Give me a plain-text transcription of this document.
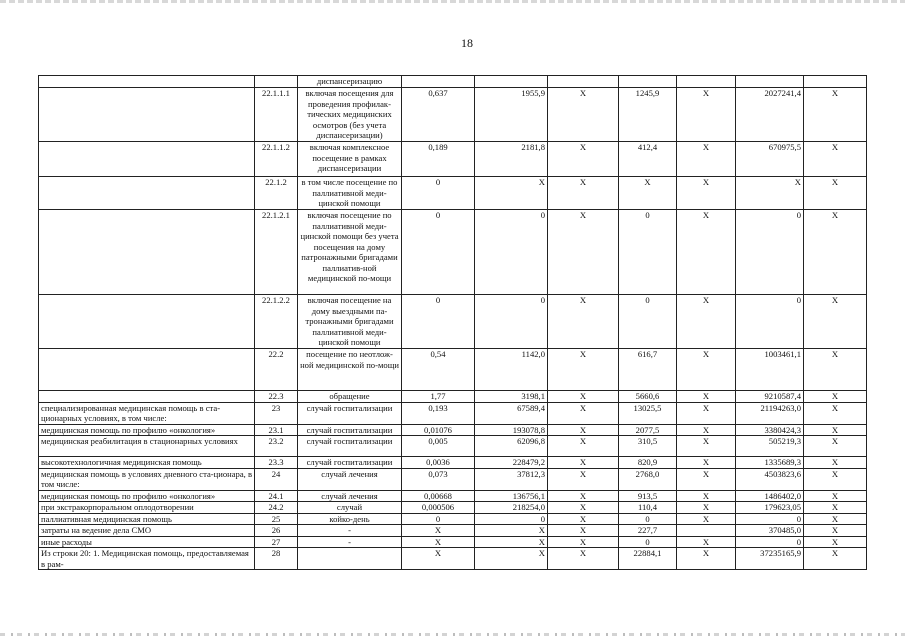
18
		диспансеризацию							
	22.1.1.1	включая посещения для проведения профилак-тических медицинских осмотров (без учета диспансеризации)	0,637	1955,9	X	1245,9	X	2027241,4	X
	22.1.1.2	включая комплексное посещение в рамках диспансеризации	0,189	2181,8	X	412,4	X	670975,5	X
	22.1.2	в том числе посещение по паллиативной меди-цинской помощи	0	X	X	X	X	X	X
	22.1.2.1	включая посещение по паллиативной меди-цинской помощи без учета посещения на дому патронажными бригадами паллиатив-ной медицинской по-мощи	0	0	X	0	X	0	X
	22.1.2.2	включая посещение на дому выездными па-тронажными бригадами паллиативной меди-цинской помощи	0	0	X	0	X	0	X
	22.2	посещение по неотлож-ной медицинской по-мощи	0,54	1142,0	X	616,7	X	1003461,1	X
	22.3	обращение	1,77	3198,1	X	5660,6	X	9210587,4	X
специализированная медицинская помощь в ста-ционарных условиях, в том числе:	23	случай госпитализации	0,193	67589,4	X	13025,5	X	21194263,0	X
медицинская помощь по профилю «онкология»	23.1	случай госпитализации	0,01076	193078,8	X	2077,5	X	3380424,3	X
медицинская реабилитация в стационарных условиях	23.2	случай госпитализации	0,005	62096,8	X	310,5	X	505219,3	X
высокотехнологичная медицинская помощь	23.3	случай госпитализации	0,0036	228479,2	X	820,9	X	1335689,3	X
медицинская помощь в условиях дневного ста-ционара, в том числе:	24	случай лечения	0,073	37812,3	X	2768,0	X	4503823,6	X
медицинская помощь по профилю «онкология»	24.1	случай лечения	0,00668	136756,1	X	913,5	X	1486402,0	X
при экстракорпоральном оплодотворении	24.2	случай	0,000506	218254,0	X	110,4	X	179623,05	X
паллиативная медицинская помощь	25	койко-день	0	0	X	0	X	0	X
затраты на ведение дела СМО	26	-	X	X	X	227,7		370485,0	X
иные расходы	27	-	X	X	X	0	X	0	X
Из строки 20: 1. Медицинская помощь, предоставляемая в рам-	28		X	X	X	22884,1	X	37235165,9	X
